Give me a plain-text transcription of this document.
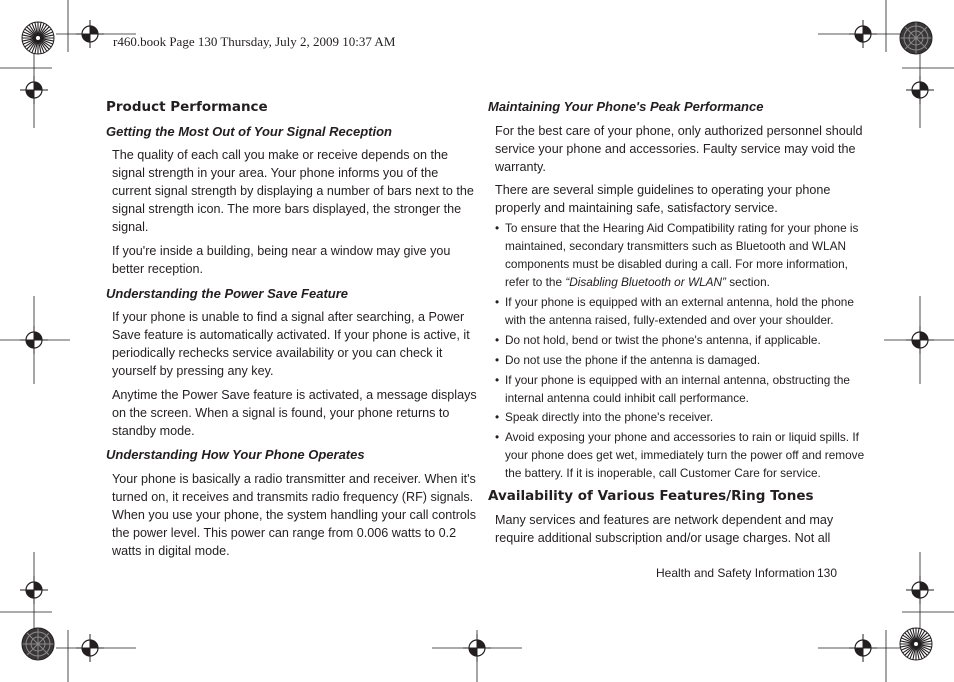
r460.book Page 130 Thursday, July 2, 2009 10:37 AM
Product Performance
Getting the Most Out of Your Signal Reception
The quality of each call you make or receive depends on the
signal strength in your area. Your phone informs you of the
current signal strength by displaying a number of bars next to the
signal strength icon. The more bars displayed, the stronger the
signal.
If you're inside a building, being near a window may give you
better reception.
Understanding the Power Save Feature
If your phone is unable to find a signal after searching, a Power
Save feature is automatically activated. If your phone is active, it
periodically rechecks service availability or you can check it
yourself by pressing any key.
Anytime the Power Save feature is activated, a message displays
on the screen. When a signal is found, your phone returns to
standby mode.
Understanding How Your Phone Operates
Your phone is basically a radio transmitter and receiver. When it's
turned on, it receives and transmits radio frequency (RF) signals.
When you use your phone, the system handling your call controls
the power level. This power can range from 0.006 watts to 0.2
watts in digital mode.
Maintaining Your Phone's Peak Performance
For the best care of your phone, only authorized personnel should
service your phone and accessories. Faulty service may void the
warranty.
There are several simple guidelines to operating your phone
properly and maintaining safe, satisfactory service.
• To ensure that the Hearing Aid Compatibility rating for your phone is
maintained, secondary transmitters such as Bluetooth and WLAN
components must be disabled during a call. For more information,
refer to the “Disabling Bluetooth or WLAN” section.
• If your phone is equipped with an external antenna, hold the phone
with the antenna raised, fully-extended and over your shoulder.
• Do not hold, bend or twist the phone's antenna, if applicable.
• Do not use the phone if the antenna is damaged.
• If your phone is equipped with an internal antenna, obstructing the
internal antenna could inhibit call performance.
• Speak directly into the phone's receiver.
• Avoid exposing your phone and accessories to rain or liquid spills. If
your phone does get wet, immediately turn the power off and remove
the battery. If it is inoperable, call Customer Care for service.
Availability of Various Features/Ring Tones
Many services and features are network dependent and may
require additional subscription and/or usage charges. Not all
Health and Safety Information 130
